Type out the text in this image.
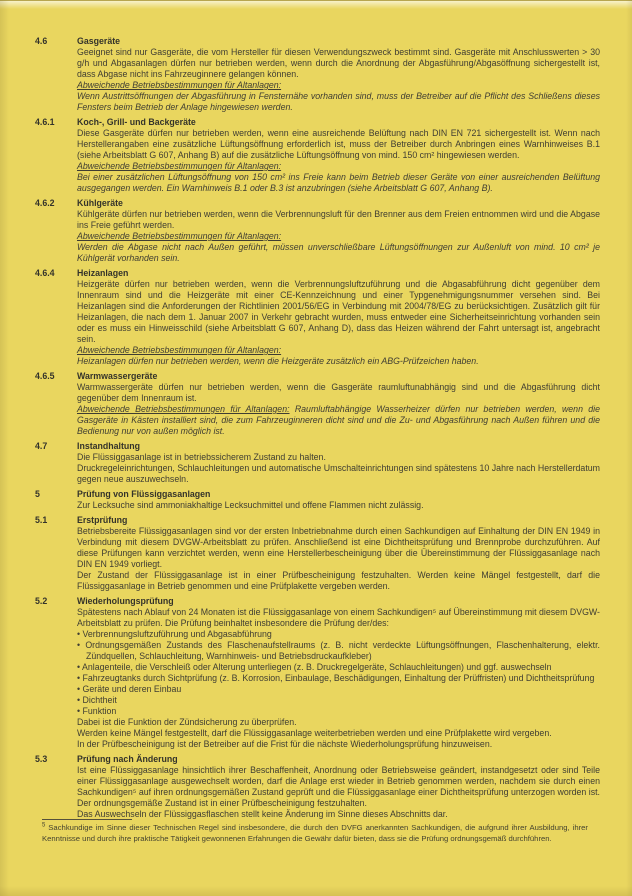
4.6	Gasgeräte

Geeignet sind nur Gasgeräte, die vom Hersteller für diesen Verwendungszweck bestimmt sind. Gasgeräte mit Anschlusswerten > 30 g/h und Abgasanlagen dürfen nur betrieben werden, wenn durch die Anordnung der Abgasführung/Abgasöffnung sichergestellt ist, dass Abgase nicht ins Fahrzeuginnere gelangen können.

Abweichende Betriebsbestimmungen für Altanlagen:

Wenn Austrittsöffnungen der Abgasführung in Fensternähe vorhanden sind, muss der Betreiber auf die Pflicht des Schließens dieses Fensters beim Betrieb der Anlage hingewiesen werden.

4.6.1	Koch-, Grill- und Backgeräte

Diese Gasgeräte dürfen nur betrieben werden, wenn eine ausreichende Belüftung nach DIN EN 721 sichergestellt ist. Wenn nach Herstellerangaben eine zusätzliche Lüftungsöffnung erforderlich ist, muss der Betreiber durch Anbringen eines Warnhinweises B.1 (siehe Arbeitsblatt G 607, Anhang B) auf die zusätzliche Lüftungsöffnung von mind. 150 cm² hingewiesen werden.

Abweichende Betriebsbestimmungen für Altanlagen:

Bei einer zusätzlichen Lüftungsöffnung von 150 cm² ins Freie kann beim Betrieb dieser Geräte von einer ausreichenden Belüftung ausgegangen werden. Ein Warnhinweis B.1 oder B.3 ist anzubringen (siehe Arbeitsblatt G 607, Anhang B).

4.6.2	Kühlgeräte

Kühlgeräte dürfen nur betrieben werden, wenn die Verbrennungsluft für den Brenner aus dem Freien entnommen wird und die Abgase ins Freie geführt werden.

Abweichende Betriebsbestimmungen für Altanlagen:

Werden die Abgase nicht nach Außen geführt, müssen unverschließbare Lüftungsöffnungen zur Außenluft von mind. 10 cm² je Kühlgerät vorhanden sein.

4.6.4	Heizanlagen

Heizgeräte dürfen nur betrieben werden, wenn die Verbrennungsluftzuführung und die Abgasabführung dicht gegenüber dem Innenraum sind und die Heizgeräte mit einer CE-Kennzeichnung und einer Typgenehmigungsnummer versehen sind. Bei Heizanlagen sind die Anforderungen der Richtlinien 2001/56/EG in Verbindung mit 2004/78/EG zu berücksichtigen. Zusätzlich gilt für Heizanlagen, die nach dem 1. Januar 2007 in Verkehr gebracht wurden, muss entweder eine Sicherheitseinrichtung vorhanden sein oder es muss ein Hinweisschild (siehe Arbeitsblatt G 607, Anhang D), dass das Heizen während der Fahrt untersagt ist, angebracht sein.

Abweichende Betriebsbestimmungen für Altanlagen:

Heizanlagen dürfen nur betrieben werden, wenn die Heizgeräte zusätzlich ein ABG-Prüfzeichen haben.

4.6.5	Warmwassergeräte

Warmwassergeräte dürfen nur betrieben werden, wenn die Gasgeräte raumluftunabhängig sind und die Abgasführung dicht gegenüber dem Innenraum ist.

Abweichende Betriebsbestimmungen für Altanlagen: Raumluftabhängige Wasserheizer dürfen nur betrieben werden, wenn die Gasgeräte in Kästen installiert sind, die zum Fahrzeuginneren dicht sind und die Zu- und Abgasführung nach Außen führen und die Bedienung nur von außen möglich ist.

4.7	Instandhaltung

Die Flüssiggasanlage ist in betriebssicherem Zustand zu halten.

Druckregeleinrichtungen, Schlauchleitungen und automatische Umschalteinrichtungen sind spätestens 10 Jahre nach Herstellerdatum gegen neue auszuwechseln.

5	Prüfung von Flüssiggasanlagen

Zur Lecksuche sind ammoniakhaltige Lecksuchmittel und offene Flammen nicht zulässig.

5.1	Erstprüfung

Betriebsbereite Flüssiggasanlagen sind vor der ersten Inbetriebnahme durch einen Sachkundigen auf Einhaltung der DIN EN 1949 in Verbindung mit diesem DVGW-Arbeitsblatt zu prüfen. Anschließend ist eine Dichtheitsprüfung und Brennprobe durchzuführen. Auf diese Prüfungen kann verzichtet werden, wenn eine Herstellerbescheinigung über die Übereinstimmung der Flüssiggasanlage nach DIN EN 1949 vorliegt.

Der Zustand der Flüssiggasanlage ist in einer Prüfbescheinigung festzuhalten. Werden keine Mängel festgestellt, darf die Flüssiggasanlage in Betrieb genommen und eine Prüfplakette vergeben werden.

5.2	Wiederholungsprüfung

Spätestens nach Ablauf von 24 Monaten ist die Flüssiggasanlage von einem Sachkundigen⁵ auf Übereinstimmung mit diesem DVGW-Arbeitsblatt zu prüfen. Die Prüfung beinhaltet insbesondere die Prüfung der/des:

• Verbrennungsluftzuführung und Abgasabführung
• Ordnungsgemäßen Zustands des Flaschenaufstellraums (z. B. nicht verdeckte Lüftungsöffnungen, Flaschenhalterung, elektr. Zündquellen, Schlauchleitung, Warnhinweis- und Betriebsdruckaufkleber)
• Anlagenteile, die Verschleiß oder Alterung unterliegen (z. B. Druckregelgeräte, Schlauchleitungen) und ggf. auswechseln
• Fahrzeugtanks durch Sichtprüfung (z. B. Korrosion, Einbaulage, Beschädigungen, Einhaltung der Prüffristen) und Dichtheitsprüfung
• Geräte und deren Einbau
• Dichtheit
• Funktion

Dabei ist die Funktion der Zündsicherung zu überprüfen.

Werden keine Mängel festgestellt, darf die Flüssiggasanlage weiterbetrieben werden und eine Prüfplakette wird vergeben.

In der Prüfbescheinigung ist der Betreiber auf die Frist für die nächste Wiederholungsprüfung hinzuweisen.

5.3	Prüfung nach Änderung

Ist eine Flüssiggasanlage hinsichtlich ihrer Beschaffenheit, Anordnung oder Betriebsweise geändert, instandgesetzt oder sind Teile einer Flüssiggasanlage ausgewechselt worden, darf die Anlage erst wieder in Betrieb genommen werden, nachdem sie durch einen Sachkundigen⁵ auf ihren ordnungsgemäßen Zustand geprüft und die Flüssiggasanlage einer Dichtheitsprüfung unterzogen worden ist. Der ordnungsgemäße Zustand ist in einer Prüfbescheinigung festzuhalten.

Das Auswechseln der Flüssiggasflaschen stellt keine Änderung im Sinne dieses Abschnitts dar.

$^5$ Sachkundige im Sinne dieser Technischen Regel sind insbesondere, die durch den DVFG anerkannten Sachkundigen, die aufgrund ihrer Ausbildung, ihrer Kenntnisse und durch ihre praktische Tätigkeit gewonnenen Erfahrungen die Gewähr dafür bieten, dass sie die Prüfung ordnungsgemäß durchführen.
